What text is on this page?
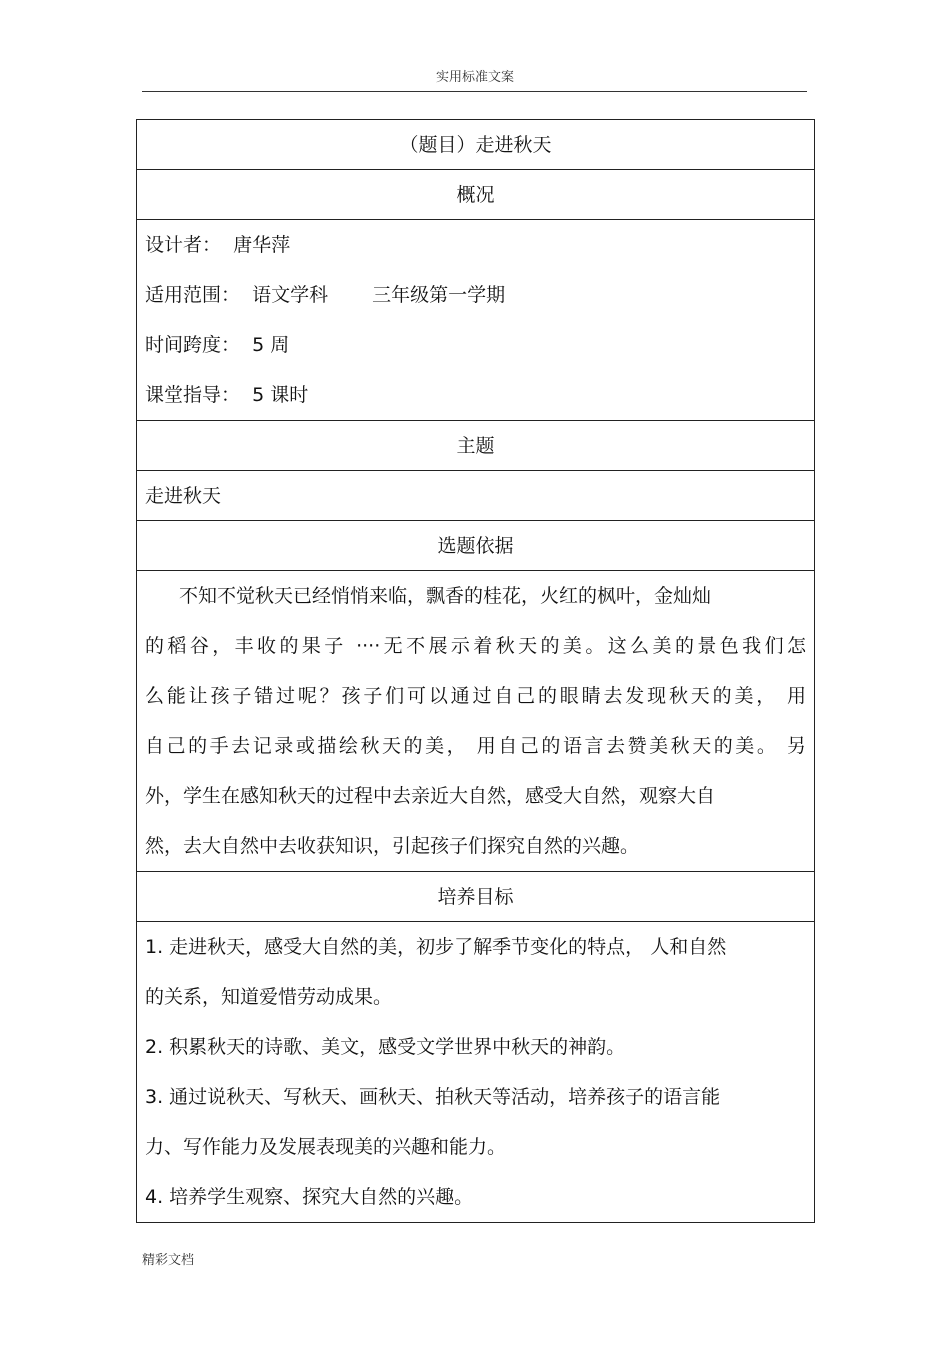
实用标准文案
（题目）走进秋天
概况
设计者： 唐华萍
适用范围： 语文学科 三年级第一学期
时间跨度： 5 周
课堂指导： 5 课时
主题
走进秋天
选题依据
不知不觉秋天已经悄悄来临，飘香的桂花，火红的枫叶，金灿灿
的稻谷，丰收的果子 ····无不展示着秋天的美。这么美的景色我们怎
么能让孩子错过呢？孩子们可以通过自己的眼睛去发现秋天的美， 用
自己的手去记录或描绘秋天的美， 用自己的语言去赞美秋天的美。 另
外，学生在感知秋天的过程中去亲近大自然，感受大自然，观察大自
然，去大自然中去收获知识，引起孩子们探究自然的兴趣。
培养目标
1. 走进秋天，感受大自然的美，初步了解季节变化的特点， 人和自然
的关系，知道爱惜劳动成果。
2. 积累秋天的诗歌、美文，感受文学世界中秋天的神韵。
3. 通过说秋天、写秋天、画秋天、拍秋天等活动，培养孩子的语言能
力、写作能力及发展表现美的兴趣和能力。
4. 培养学生观察、探究大自然的兴趣。
精彩文档
